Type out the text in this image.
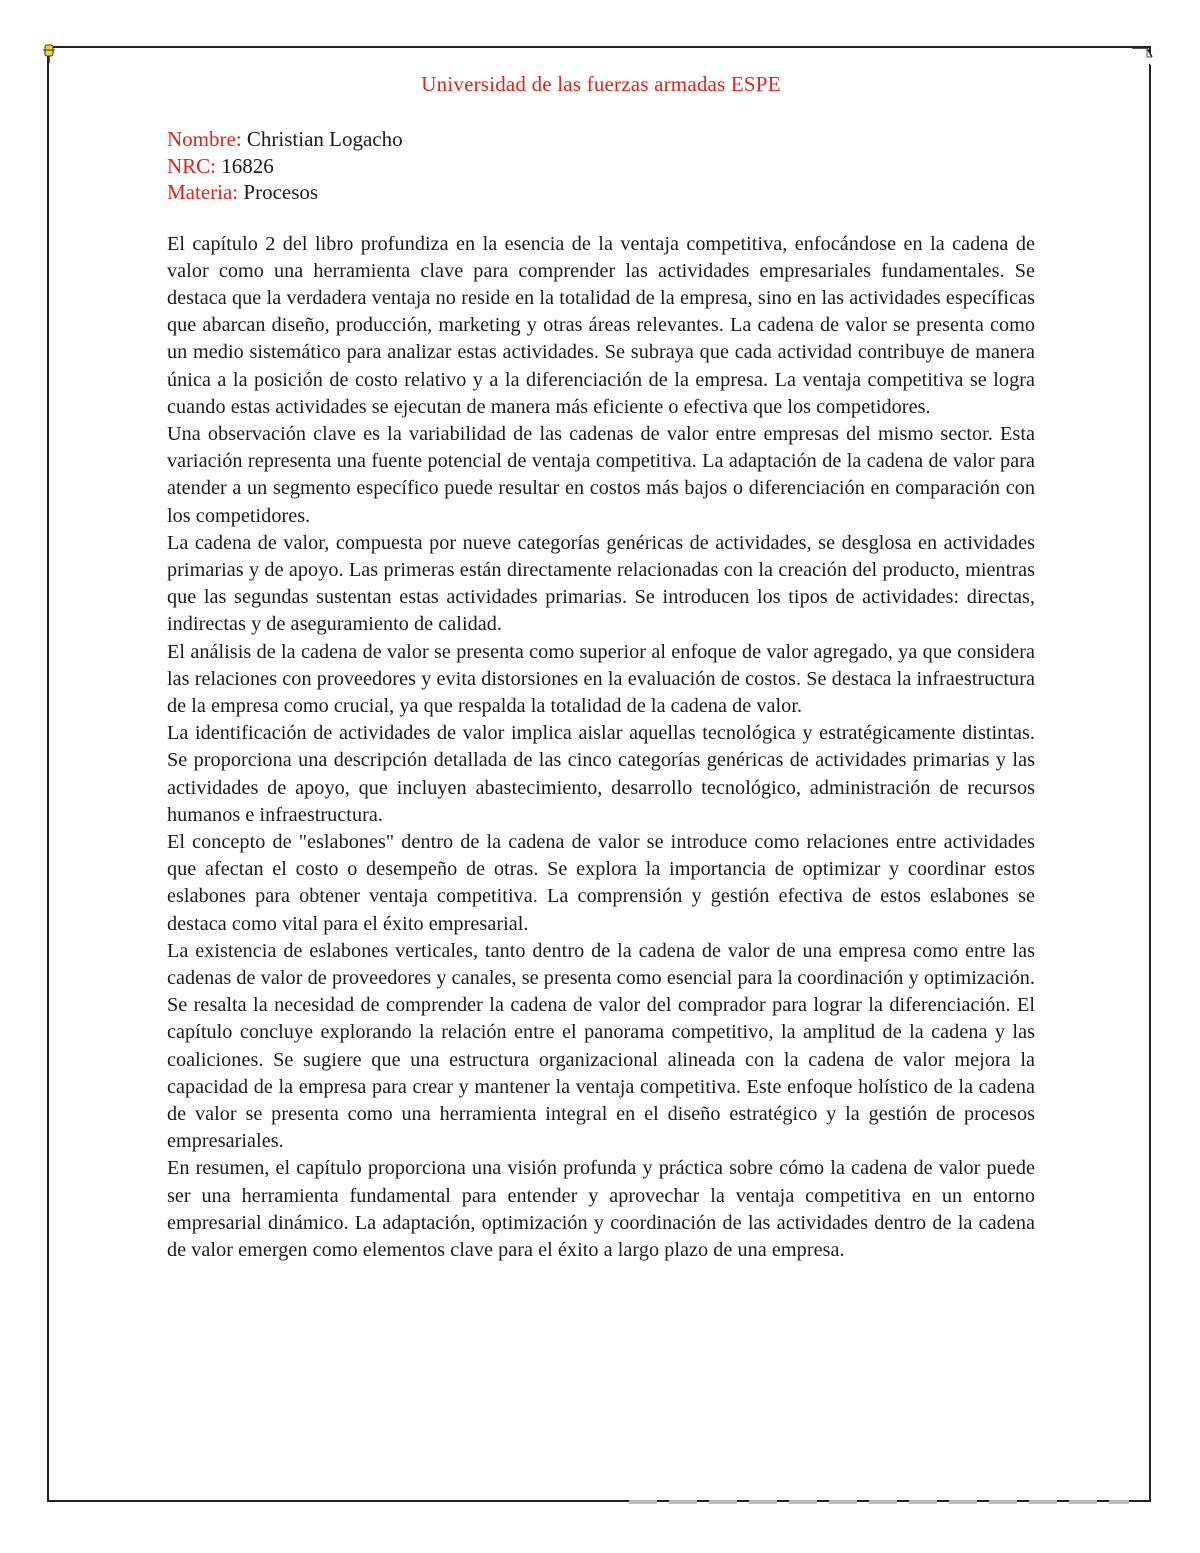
Universidad de las fuerzas armadas ESPE

Nombre: Christian Logacho

NRC: 16826

Materia: Procesos

El capítulo 2 del libro profundiza en la esencia de la ventaja competitiva, enfocándose en la cadena de valor como una herramienta clave para comprender las actividades empresariales fundamentales. Se destaca que la verdadera ventaja no reside en la totalidad de la empresa, sino en las actividades específicas que abarcan diseño, producción, marketing y otras áreas relevantes. La cadena de valor se presenta como un medio sistemático para analizar estas actividades. Se subraya que cada actividad contribuye de manera única a la posición de costo relativo y a la diferenciación de la empresa. La ventaja competitiva se logra cuando estas actividades se ejecutan de manera más eficiente o efectiva que los competidores.

Una observación clave es la variabilidad de las cadenas de valor entre empresas del mismo sector. Esta variación representa una fuente potencial de ventaja competitiva. La adaptación de la cadena de valor para atender a un segmento específico puede resultar en costos más bajos o diferenciación en comparación con los competidores.

La cadena de valor, compuesta por nueve categorías genéricas de actividades, se desglosa en actividades primarias y de apoyo. Las primeras están directamente relacionadas con la creación del producto, mientras que las segundas sustentan estas actividades primarias. Se introducen los tipos de actividades: directas, indirectas y de aseguramiento de calidad.

El análisis de la cadena de valor se presenta como superior al enfoque de valor agregado, ya que considera las relaciones con proveedores y evita distorsiones en la evaluación de costos. Se destaca la infraestructura de la empresa como crucial, ya que respalda la totalidad de la cadena de valor.

La identificación de actividades de valor implica aislar aquellas tecnológica y estratégicamente distintas. Se proporciona una descripción detallada de las cinco categorías genéricas de actividades primarias y las actividades de apoyo, que incluyen abastecimiento, desarrollo tecnológico, administración de recursos humanos e infraestructura.

El concepto de "eslabones" dentro de la cadena de valor se introduce como relaciones entre actividades que afectan el costo o desempeño de otras. Se explora la importancia de optimizar y coordinar estos eslabones para obtener ventaja competitiva. La comprensión y gestión efectiva de estos eslabones se destaca como vital para el éxito empresarial.

La existencia de eslabones verticales, tanto dentro de la cadena de valor de una empresa como entre las cadenas de valor de proveedores y canales, se presenta como esencial para la coordinación y optimización. Se resalta la necesidad de comprender la cadena de valor del comprador para lograr la diferenciación. El capítulo concluye explorando la relación entre el panorama competitivo, la amplitud de la cadena y las coaliciones. Se sugiere que una estructura organizacional alineada con la cadena de valor mejora la capacidad de la empresa para crear y mantener la ventaja competitiva. Este enfoque holístico de la cadena de valor se presenta como una herramienta integral en el diseño estratégico y la gestión de procesos empresariales.

En resumen, el capítulo proporciona una visión profunda y práctica sobre cómo la cadena de valor puede ser una herramienta fundamental para entender y aprovechar la ventaja competitiva en un entorno empresarial dinámico. La adaptación, optimización y coordinación de las actividades dentro de la cadena de valor emergen como elementos clave para el éxito a largo plazo de una empresa.
